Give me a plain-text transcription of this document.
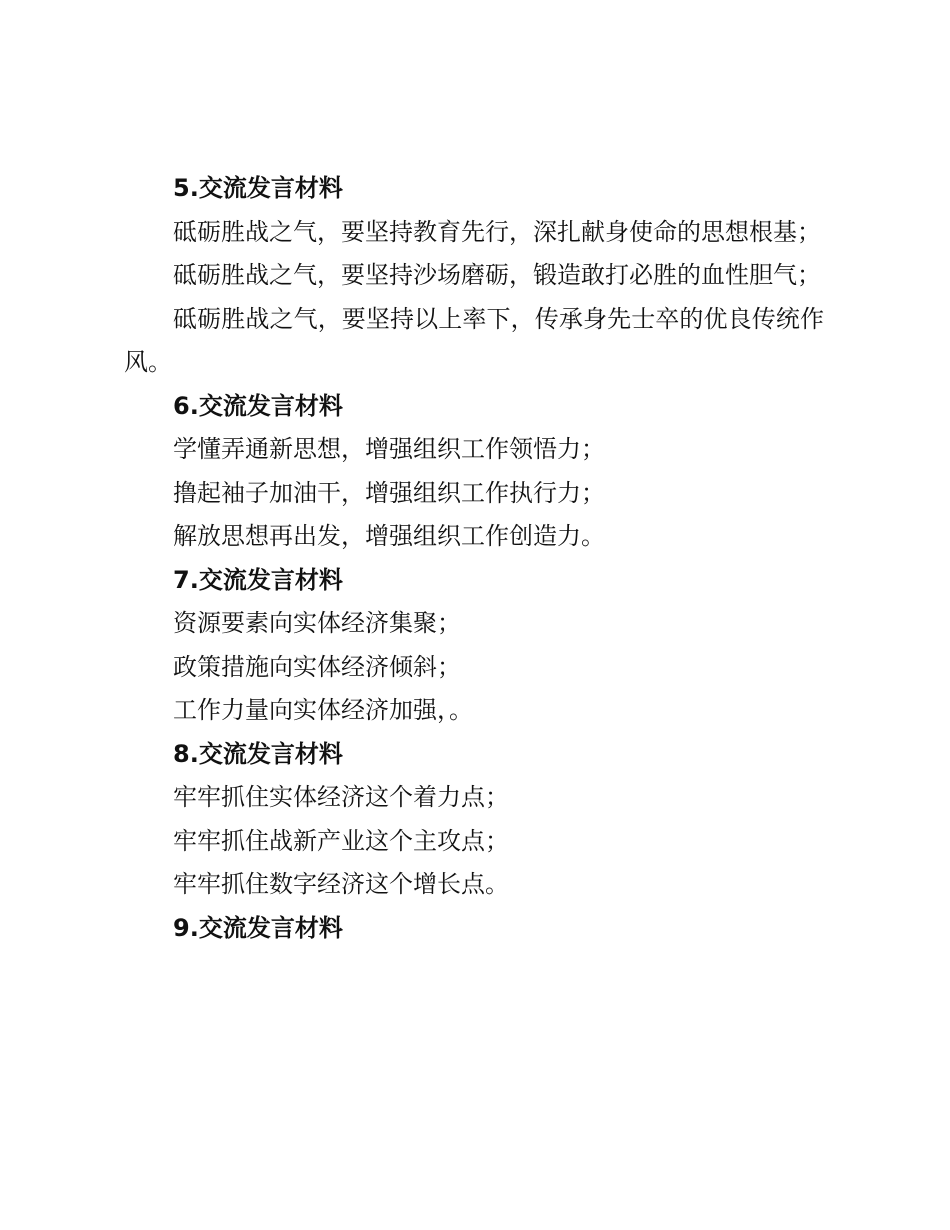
5.交流发言材料

砥砺胜战之气，要坚持教育先行，深扎献身使命的思想根基；

砥砺胜战之气，要坚持沙场磨砺，锻造敢打必胜的血性胆气；

砥砺胜战之气，要坚持以上率下，传承身先士卒的优良传统作风。

6.交流发言材料

学懂弄通新思想，增强组织工作领悟力；

撸起袖子加油干，增强组织工作执行力；

解放思想再出发，增强组织工作创造力。

7.交流发言材料

资源要素向实体经济集聚；

政策措施向实体经济倾斜；

工作力量向实体经济加强，。

8.交流发言材料

牢牢抓住实体经济这个着力点；

牢牢抓住战新产业这个主攻点；

牢牢抓住数字经济这个增长点。

9.交流发言材料
